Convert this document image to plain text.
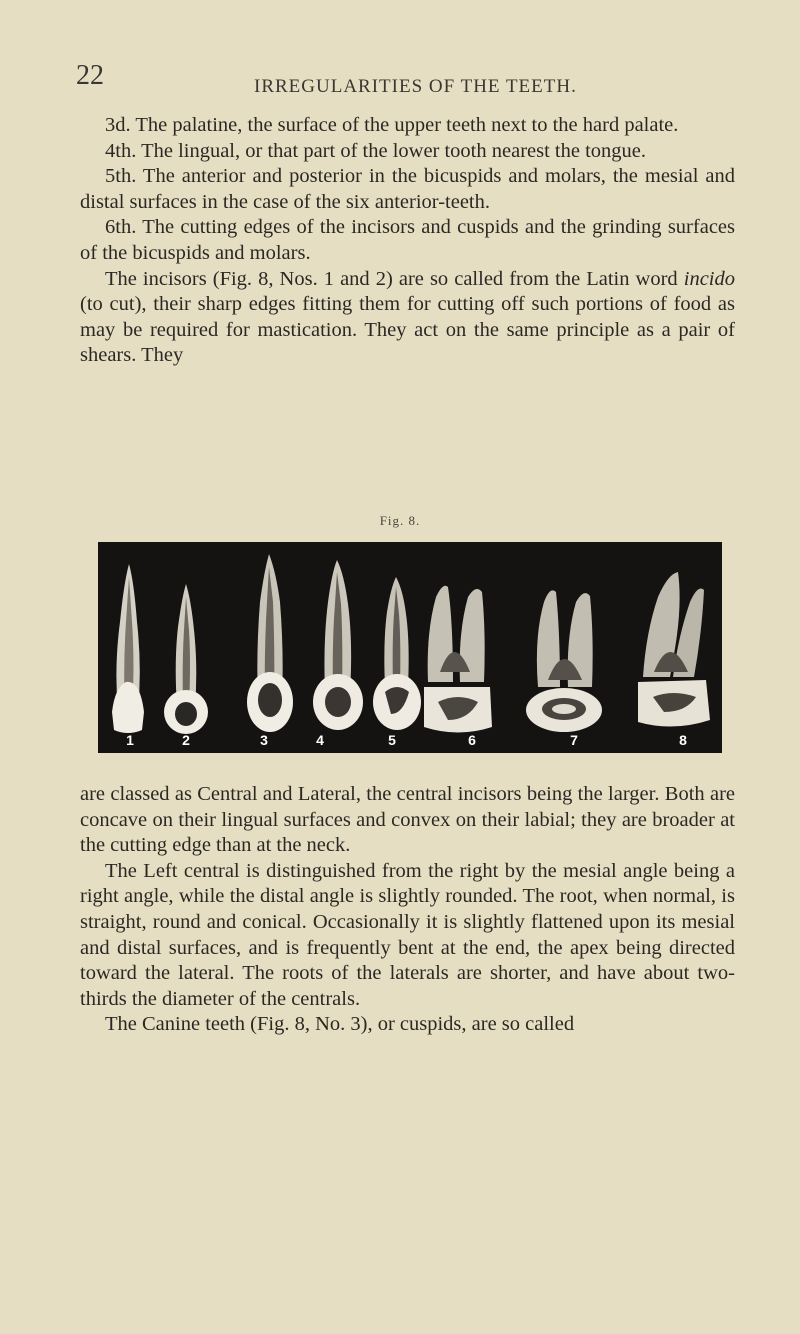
22	IRREGULARITIES OF THE TEETH.

3d. The palatine, the surface of the upper teeth next to the hard palate.

4th. The lingual, or that part of the lower tooth nearest the tongue.

5th. The anterior and posterior in the bicuspids and molars, the mesial and distal surfaces in the case of the six anterior-teeth.

6th. The cutting edges of the incisors and cuspids and the grinding surfaces of the bicuspids and molars.

The incisors (Fig. 8, Nos. 1 and 2) are so called from the Latin word incido (to cut), their sharp edges fitting them for cutting off such portions of food as may be required for mastication. They act on the same principle as a pair of shears. They

Fig. 8.
1	2	3	4	5	6	7	8

are classed as Central and Lateral, the central incisors being the larger. Both are concave on their lingual surfaces and convex on their labial; they are broader at the cutting edge than at the neck.

The Left central is distinguished from the right by the mesial angle being a right angle, while the distal angle is slightly rounded. The root, when normal, is straight, round and conical. Occasionally it is slightly flattened upon its mesial and distal surfaces, and is frequently bent at the end, the apex being directed toward the lateral. The roots of the laterals are shorter, and have about two-thirds the diameter of the centrals.

The Canine teeth (Fig. 8, No. 3), or cuspids, are so called
